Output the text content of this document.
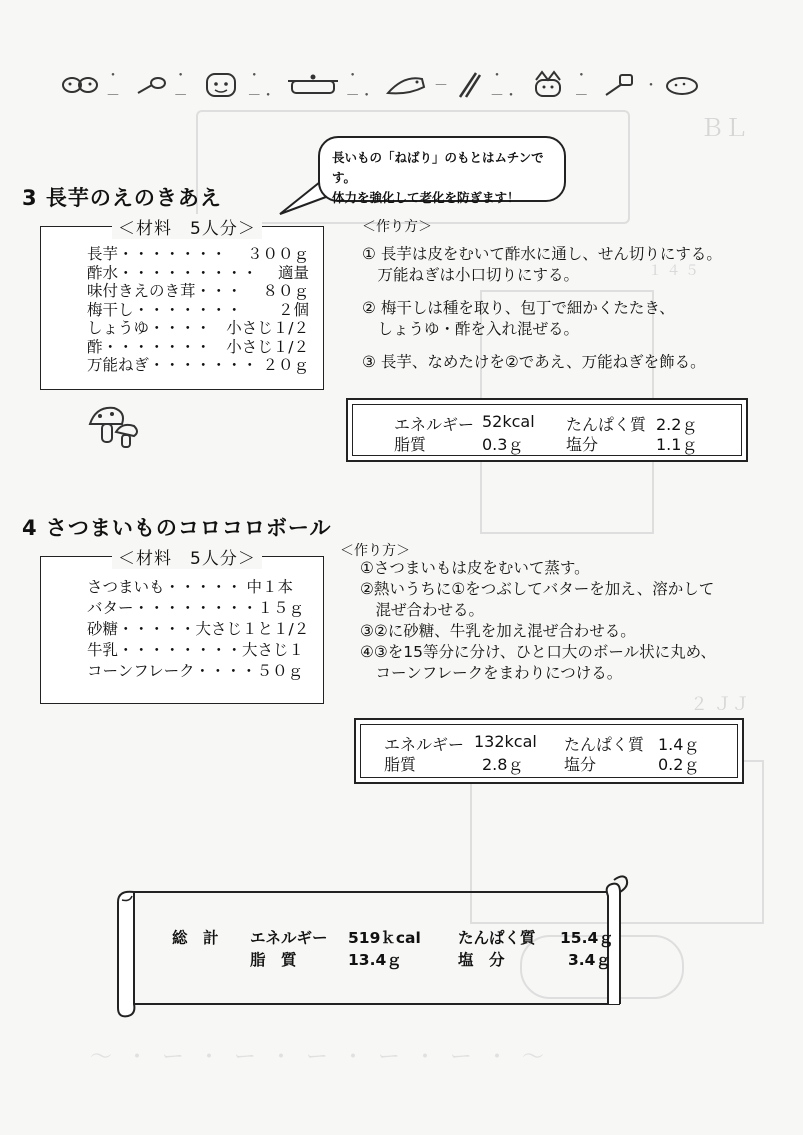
ＢＬ
１ ４ ５
２ ＪＪ
〜・ー・ー・ー・ー・ー・〜
・－
・－
・－・
・－・
－
・－・
・－
・
長いもの「ねばり」のもとはムチンです。
体力を強化して老化を防ぎます！
3 長芋のえのきあえ
長芋・・・・・・・ ３００ｇ
酢水・・・・・・・・・ 適量
味付きえのき茸・・・ ８０ｇ
梅干し・・・・・・・ ２個
しょうゆ・・・・ 小さじ１/２
酢・・・・・・・ 小さじ１/２
万能ねぎ・・・・・・・ ２０ｇ
＜材料　5人分＞	＜作り方＞
① 長芋は皮をむいて酢水に通し、せん切りにする。
　万能ねぎは小口切りにする。
② 梅干しは種を取り、包丁で細かくたたき、
　しょうゆ・酢を入れ混ぜる。
③ 長芋、なめたけを②であえ、万能ねぎを飾る。
エネルギー 52kcal たんぱく質 2.2ｇ
脂質	0.3ｇ	塩分	1.1ｇ
4 さつまいものコロコロボール
さつまいも・・・・・ 中１本
バター・・・・・・・・ １５ｇ
砂糖・・・・・ 大さじ１と１/２
牛乳・・・・・・・・ 大さじ１
コーンフレーク・・・・ ５０ｇ
＜材料　5人分＞	＜作り方＞
①さつまいもは皮をむいて蒸す。
②熱いうちに①をつぶしてバターを加え、溶かして
　混ぜ合わせる。
③②に砂糖、牛乳を加え混ぜ合わせる。
④③を15等分に分け、ひと口大のボール状に丸め、
　コーンフレークをまわりにつける。
エネルギー 132kcal たんぱく質 1.4ｇ
脂質	2.8ｇ	塩分	0.2ｇ
総　計 エネルギー 519ｋcal たんぱく質 15.4ｇ
脂　質	13.4ｇ	塩　分	3.4ｇ
